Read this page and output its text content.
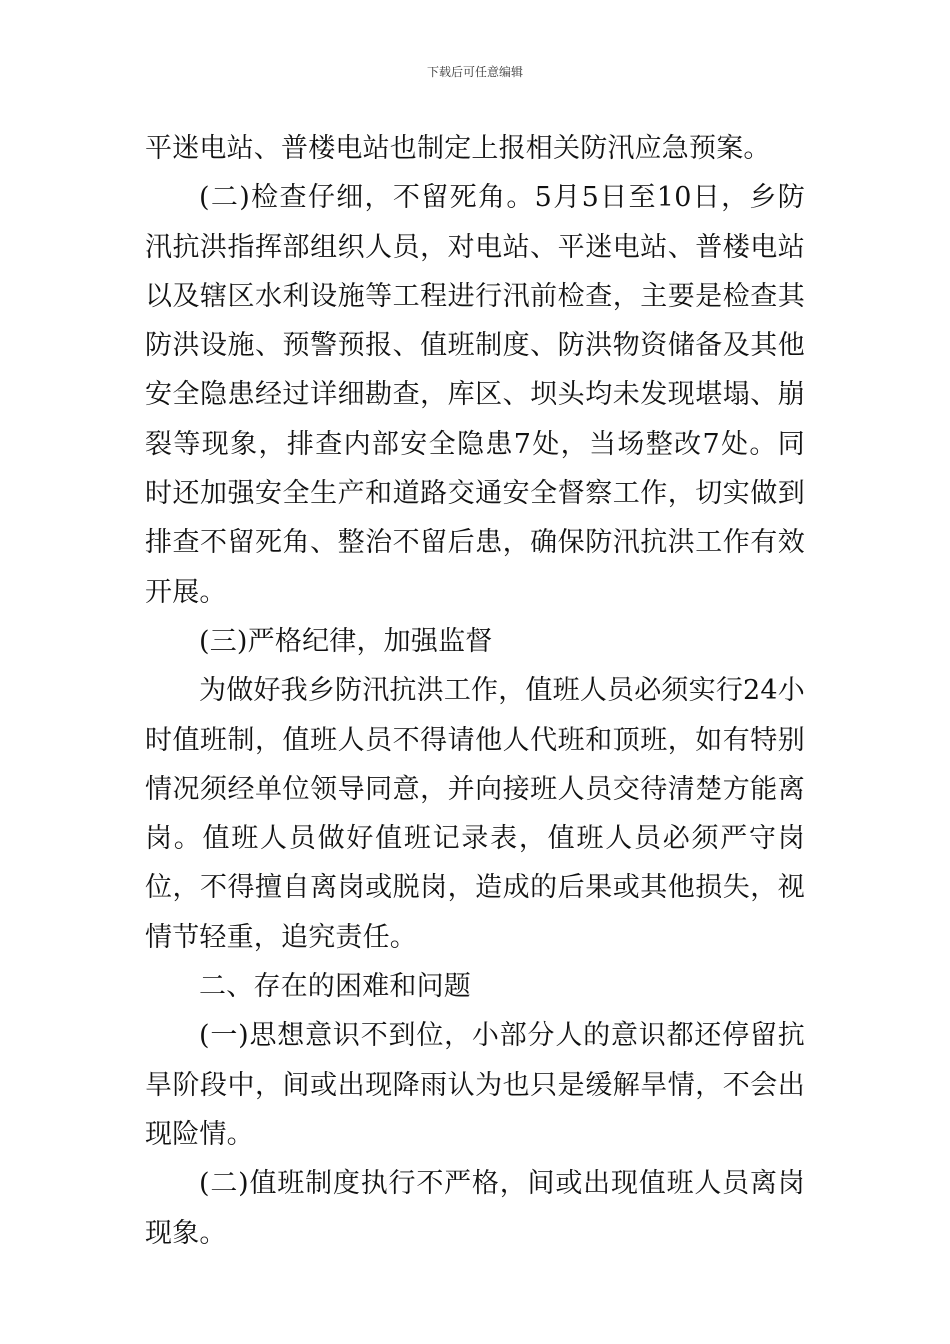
下载后可任意编辑

平迷电站、普楼电站也制定上报相关防汛应急预案。

(二)检查仔细，不留死角。5月5日至10日，乡防汛抗洪指挥部组织人员，对电站、平迷电站、普楼电站以及辖区水利设施等工程进行汛前检查，主要是检查其防洪设施、预警预报、值班制度、防洪物资储备及其他安全隐患经过详细勘查，库区、坝头均未发现堪塌、崩裂等现象，排查内部安全隐患7处，当场整改7处。同时还加强安全生产和道路交通安全督察工作，切实做到排查不留死角、整治不留后患，确保防汛抗洪工作有效开展。

(三)严格纪律，加强监督

为做好我乡防汛抗洪工作，值班人员必须实行24小时值班制，值班人员不得请他人代班和顶班，如有特别情况须经单位领导同意，并向接班人员交待清楚方能离岗。值班人员做好值班记录表，值班人员必须严守岗位，不得擅自离岗或脱岗，造成的后果或其他损失，视情节轻重，追究责任。

二、存在的困难和问题

(一)思想意识不到位，小部分人的意识都还停留抗旱阶段中，间或出现降雨认为也只是缓解旱情，不会出现险情。

(二)值班制度执行不严格，间或出现值班人员离岗现象。
